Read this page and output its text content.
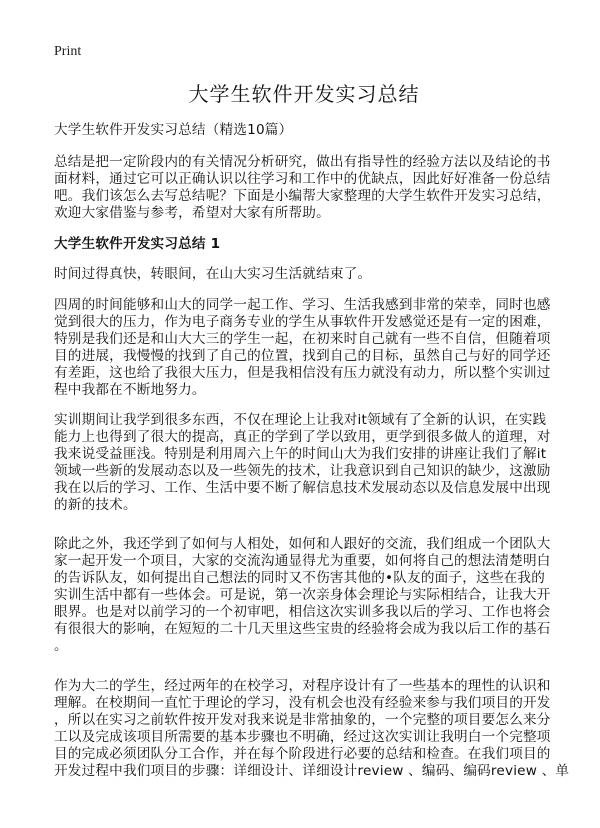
Print
大学生软件开发实习总结
大学生软件开发实习总结（精选10篇）
总结是把一定阶段内的有关情况分析研究，做出有指导性的经验方法以及结论的书
面材料，通过它可以正确认识以往学习和工作中的优缺点，因此好好准备一份总结
吧。我们该怎么去写总结呢？下面是小编帮大家整理的大学生软件开发实习总结，
欢迎大家借鉴与参考，希望对大家有所帮助。
大学生软件开发实习总结 1
时间过得真快，转眼间，在山大实习生活就结束了。
四周的时间能够和山大的同学一起工作、学习、生活我感到非常的荣幸，同时也感
觉到很大的压力，作为电子商务专业的学生从事软件开发感觉还是有一定的困难，
特别是我们还是和山大大三的学生一起，在初来时自己就有一些不自信，但随着项
目的进展，我慢慢的找到了自己的位置，找到自己的目标，虽然自己与好的同学还
有差距，这也给了我很大压力，但是我相信没有压力就没有动力，所以整个实训过
程中我都在不断地努力。
实训期间让我学到很多东西，不仅在理论上让我对it领域有了全新的认识，在实践
能力上也得到了很大的提高，真正的学到了学以致用，更学到很多做人的道理，对
我来说受益匪浅。特别是利用周六上午的时间山大为我们安排的讲座让我们了解it
领域一些新的发展动态以及一些领先的技术，让我意识到自己知识的缺少，这激励
我在以后的学习、工作、生活中要不断了解信息技术发展动态以及信息发展中出现
的新的技术。
除此之外，我还学到了如何与人相处，如何和人跟好的交流，我们组成一个团队大
家一起开发一个项目，大家的交流沟通显得尤为重要，如何将自己的想法清楚明白
的告诉队友，如何提出自己想法的同时又不伤害其他的•队友的面子，这些在我的
实训生活中都有一些体会。可是说，第一次亲身体会理论与实际相结合，让我大开
眼界。也是对以前学习的一个初审吧，相信这次实训多我以后的学习、工作也将会
有很很大的影响，在短短的二十几天里这些宝贵的经验将会成为我以后工作的基石
。
作为大二的学生，经过两年的在校学习，对程序设计有了一些基本的理性的认识和
理解。在校期间一直忙于理论的学习，没有机会也没有经验来参与我们项目的开发
，所以在实习之前软件按开发对我来说是非常抽象的，一个完整的项目要怎么来分
工以及完成该项目所需要的基本步骤也不明确，经过这次实训让我明白一个完整项
目的完成必须团队分工合作，并在每个阶段进行必要的总结和检查。在我们项目的
开发过程中我们项目的步骤：详细设计、详细设计review 、编码、编码review 、单
